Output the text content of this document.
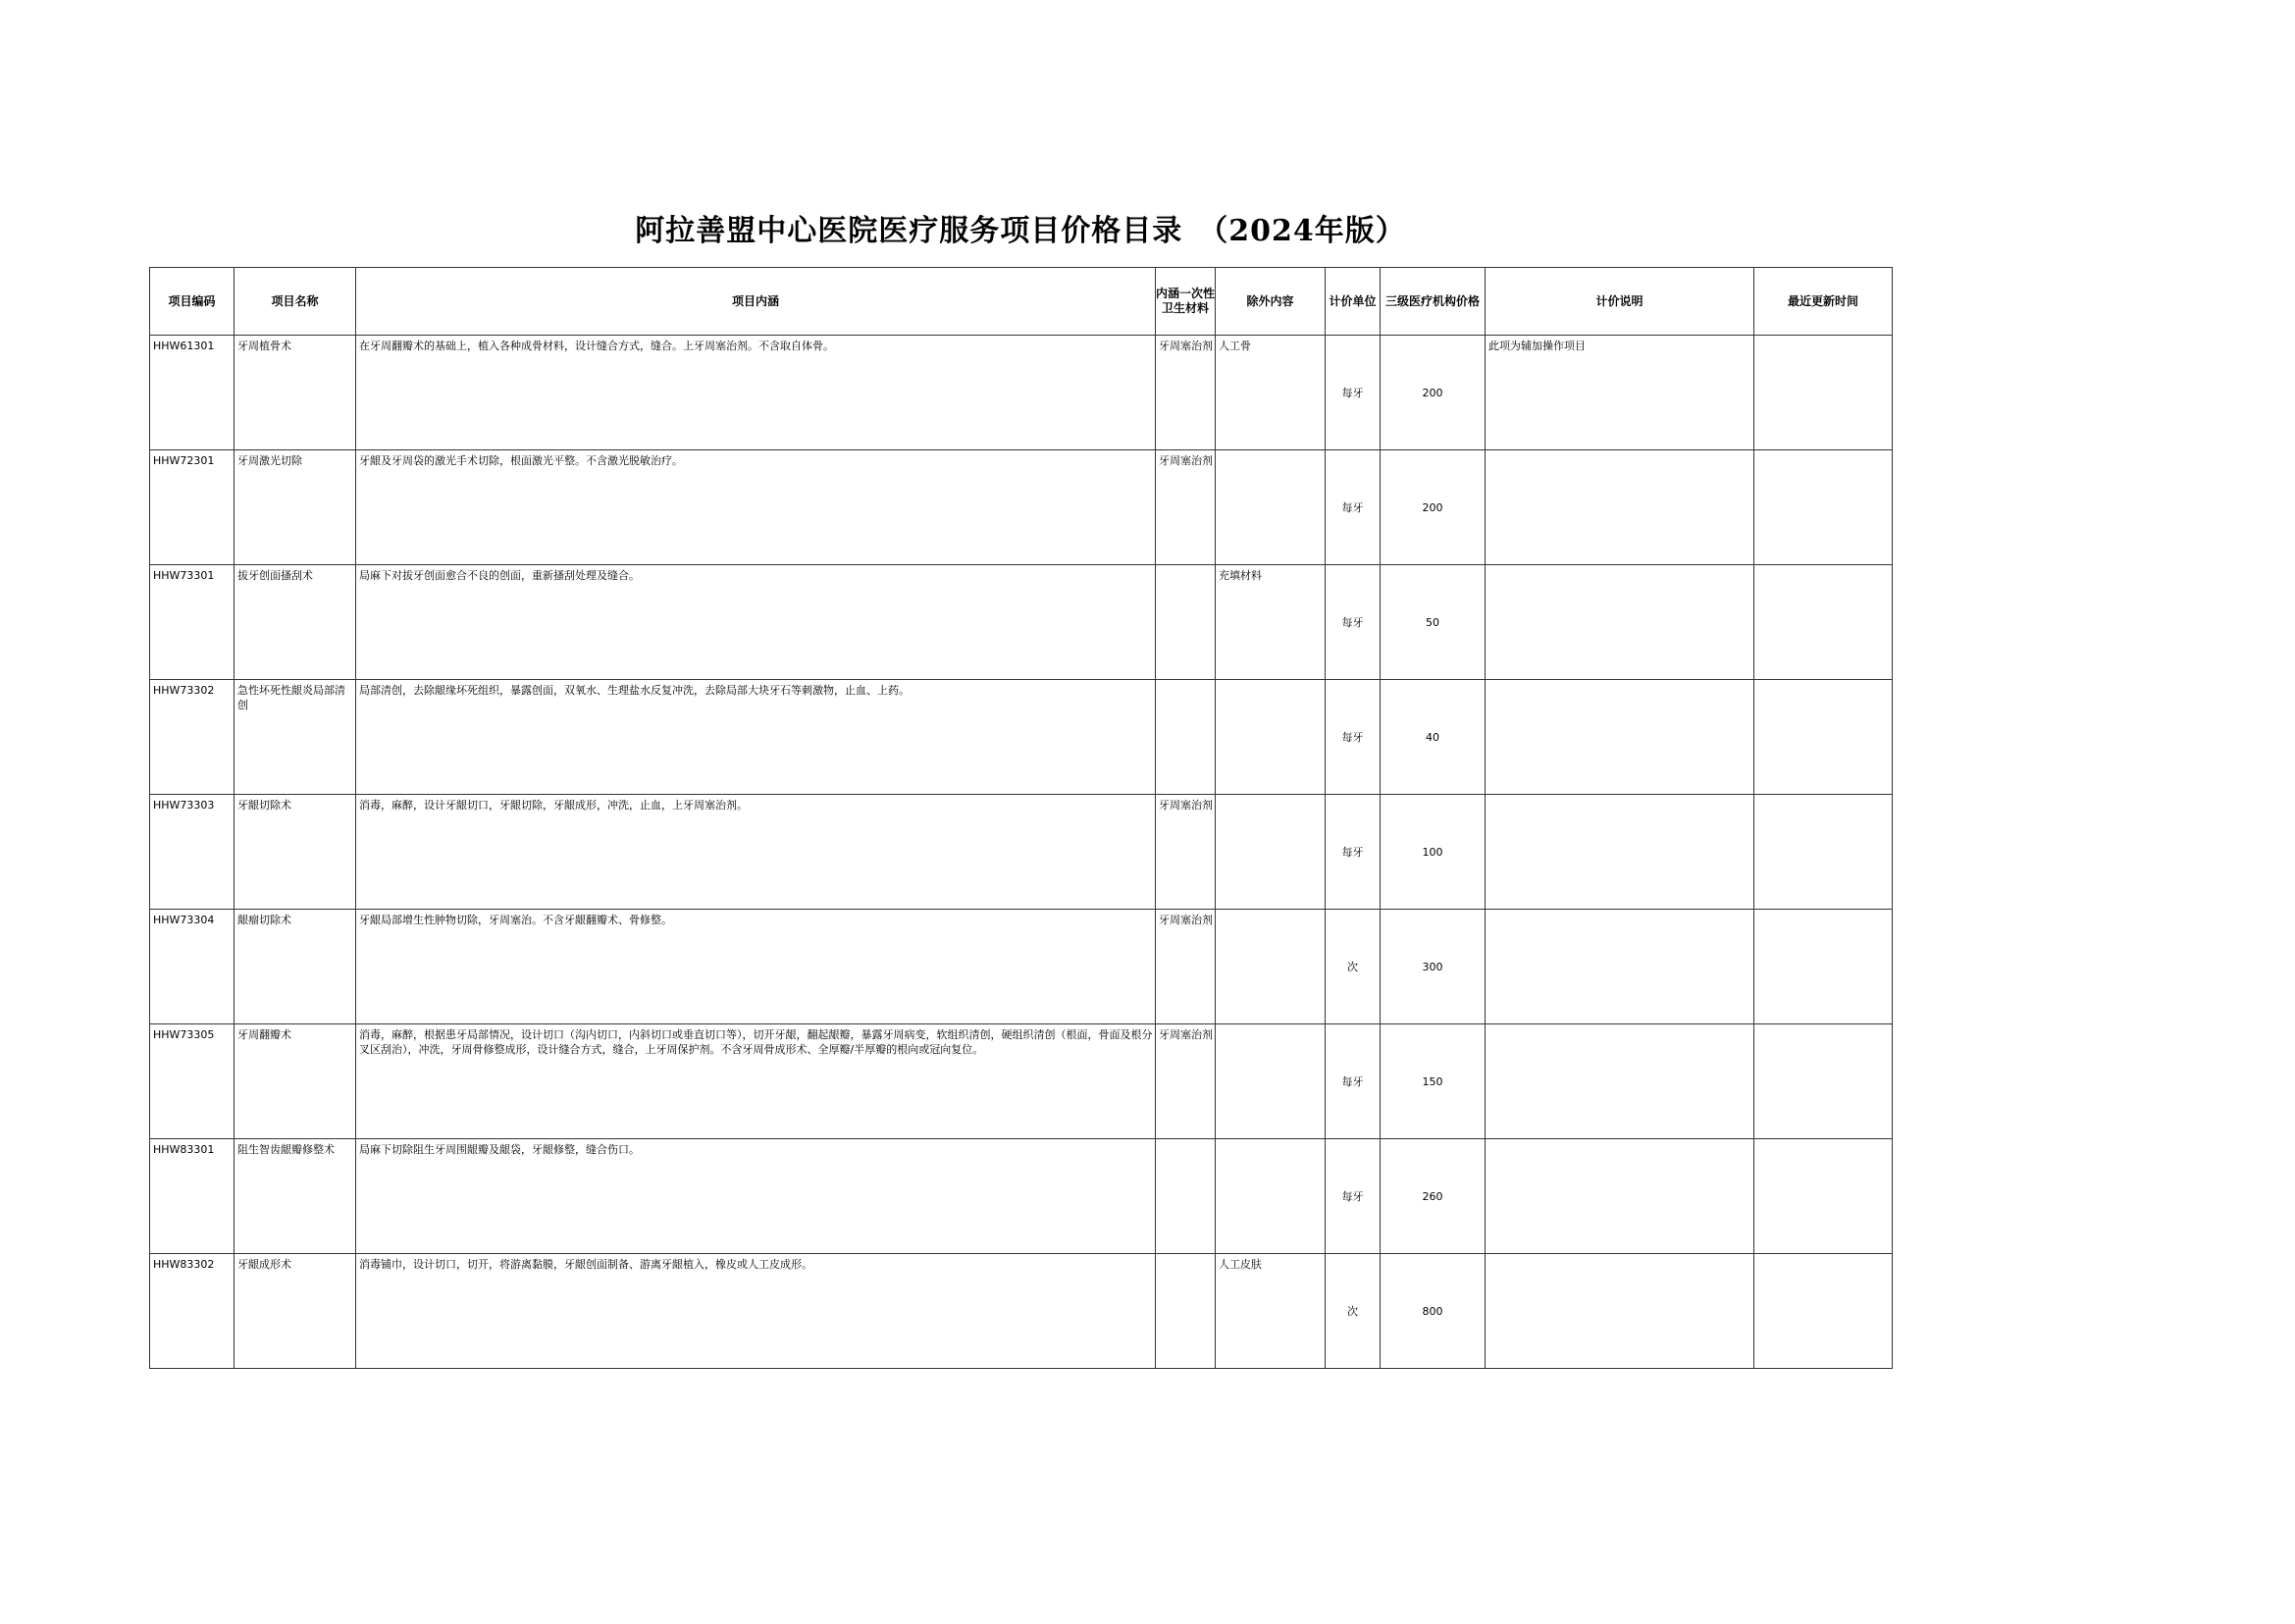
阿拉善盟中心医院医疗服务项目价格目录　（2024年版）
项目编码	项目名称	项目内涵	内涵一次性卫生材料	除外内容	计价单位	三级医疗机构价格	计价说明	最近更新时间
HHW61301	牙周植骨术	在牙周翻瓣术的基础上，植入各种成骨材料，设计缝合方式，缝合。上牙周塞治剂。不含取自体骨。	牙周塞治剂	人工骨	每牙	200	此项为辅加操作项目	
HHW72301	牙周激光切除	牙龈及牙周袋的激光手术切除，根面激光平整。不含激光脱敏治疗。	牙周塞治剂		每牙	200		
HHW73301	拔牙创面搔刮术	局麻下对拔牙创面愈合不良的创面，重新搔刮处理及缝合。		充填材料	每牙	50		
HHW73302	急性坏死性龈炎局部清创	局部清创，去除龈缘坏死组织，暴露创面，双氧水、生理盐水反复冲洗，去除局部大块牙石等刺激物，止血、上药。			每牙	40		
HHW73303	牙龈切除术	消毒，麻醉，设计牙龈切口，牙龈切除，牙龈成形，冲洗，止血，上牙周塞治剂。	牙周塞治剂		每牙	100		
HHW73304	龈瘤切除术	牙龈局部增生性肿物切除，牙周塞治。不含牙龈翻瓣术、骨修整。	牙周塞治剂		次	300		
HHW73305	牙周翻瓣术	消毒，麻醉，根据患牙局部情况，设计切口（沟内切口，内斜切口或垂直切口等），切开牙龈，翻起龈瓣，暴露牙周病变，软组织清创，硬组织清创（根面，骨面及根分叉区刮治），冲洗，牙周骨修整成形，设计缝合方式，缝合，上牙周保护剂。不含牙周骨成形术、全厚瓣/半厚瓣的根向或冠向复位。	牙周塞治剂		每牙	150		
HHW83301	阻生智齿龈瓣修整术	局麻下切除阻生牙周围龈瓣及龈袋，牙龈修整，缝合伤口。			每牙	260		
HHW83302	牙龈成形术	消毒铺巾，设计切口，切开，将游离黏膜，牙龈创面制备、游离牙龈植入，橡皮或人工皮成形。		人工皮肤	次	800		
